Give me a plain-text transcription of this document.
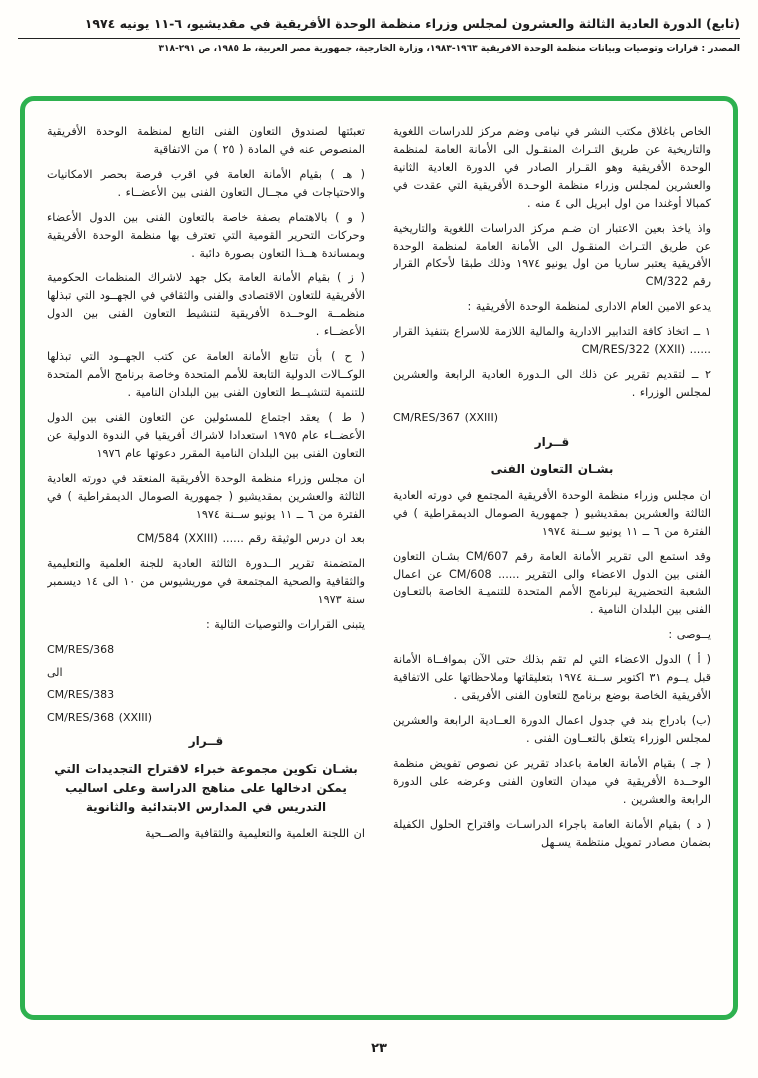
(تابع) الدورة العادية الثالثة والعشرون لمجلس وزراء منظمة الوحدة الأفريقية في مقديشيو، ٦-١١ يونيه ١٩٧٤
المصدر : قرارات وتوصيات وبيانات منظمة الوحدة الأفريقية ١٩٦٣-١٩٨٣، وزارة الخارجية، جمهورية مصر العربية، ط ١٩٨٥، ص ٢٩١-٣١٨

الخاص باغلاق مكتب النشر في نيامى وضم مركز للدراسات اللغوية والتاريخية عن طريق التـراث المنقـول الى الأمانة العامة لمنظمة الوحدة الأفريقية وهو القـرار الصادر في الدورة العادية الثانية والعشرين لمجلس وزراء منظمة الوحـدة الأفريقية التي عقدت في كمبالا أوغندا من اول ابريل الى ٤ منه .

واذ ياخذ بعين الاعتبار ان ضـم مركز الدراسات اللغوية والتاريخية عن طريق التـراث المنقـول الى الأمانة العامة لمنظمة الوحدة الأفريقية يعتبر ساريا من اول يونيو ١٩٧٤ وذلك طبقا لأحكام القرار رقم CM/322

يدعو الامين العام الادارى لمنظمة الوحدة الأفريقية :

١ ــ اتخاذ كافة التدابير الادارية والمالية اللازمة للاسراع بتنفيذ القرار ...... CM/RES/322 (XXII)

٢ ــ لتقديم تقرير عن ذلك الى الـدورة العادية الرابعة والعشرين لمجلس الوزراء .

CM/RES/367 (XXIII)

قــرار

بشـان التعاون الفنى

ان مجلس وزراء منظمة الوحدة الأفريقية المجتمع في دورته العادية الثالثة والعشرين بمقديشيو ( جمهورية الصومال الديمقراطية ) في الفترة من ٦ ــ ١١ يونيو ســنة ١٩٧٤

وقد استمع الى تقرير الأمانة العامة رقم CM/607 بشـان التعاون الفنى بين الدول الاعضاء والى التقرير ...... CM/608 عن اعمال الشعبة التحضيرية لبرنامج الأمم المتحدة للتنميـة الخاصة بالتعـاون الفنى بين البلدان النامية .

يــوصى :

( أ ) الدول الاعضاء التي لم تقم بذلك حتى الآن بموافــاة الأمانة قبل يــوم ٣١ اكتوبر ســنة ١٩٧٤ بتعليقاتها وملاحظاتها على الاتفاقية الأفريقية الخاصة بوضع برنامج للتعاون الفنى الأفريقى .

(ب) بادراج بند في جدول اعمال الدورة العــادية الرابعة والعشرين لمجلس الوزراء يتعلق بالتعــاون الفنى .

( جـ ) بقيام الأمانة العامة باعداد تقرير عن نصوص تفويض منظمة الوحــدة الأفريقية في ميدان التعاون الفنى وعرضه على الدورة الرابعة والعشرين .

( د ) بقيام الأمانة العامة باجراء الدراسـات واقتراح الحلول الكفيلة بضمان مصادر تمويل منتظمة يسـهل

تعبئتها لصندوق التعاون الفنى التابع لمنظمة الوحدة الأفريقية المنصوص عنه في المادة ( ٢٥ ) من الاتفاقية

( هـ ) بقيام الأمانة العامة في اقرب فرصة بحصر الامكانيات والاحتياجات في مجــال التعاون الفنى بين الأعضــاء .

( و ) بالاهتمام بصفة خاصة بالتعاون الفنى بين الدول الأعضاء وحركات التحرير القومية التي تعترف بها منظمة الوحدة الأفريقية وبمساندة هــذا التعاون بصورة دائبة .

( ز ) بقيام الأمانة العامة بكل جهد لاشراك المنظمات الحكومية الأفريقية للتعاون الاقتصادى والفنى والثقافي في الجهــود التي تبذلها منظمــة الوحــدة الأفريقية لتنشيط التعاون الفنى بين الدول الأعضــاء .

( ح ) بأن تتابع الأمانة العامة عن كتب الجهــود التي تبذلها الوكــالات الدولية التابعة للأمم المتحدة وخاصة برنامج الأمم المتحدة للتنمية لتنشيــط التعاون الفنى بين البلدان النامية .

( ط ) يعقد اجتماع للمسئولين عن التعاون الفنى بين الدول الأعضــاء عام ١٩٧٥ استعدادا لاشراك أفريقيا في الندوة الدولية عن التعاون الفنى بين البلدان النامية المقرر دعوتها عام ١٩٧٦

ان مجلس وزراء منظمة الوحدة الأفريقية المنعقد في دورته العادية الثالثة والعشرين بمقديشيو ( جمهورية الصومال الديمقراطية ) في الفترة من ٦ ــ ١١ يونيو ســنة ١٩٧٤

بعد ان درس الوثيقة رقم ...... CM/584 (XXIII)

المتضمنة تقرير الــدورة الثالثة العادية للجنة العلمية والتعليمية والثقافية والصحية المجتمعة في موريشيوس من ١٠ الى ١٤ ديسمبر سنة ١٩٧٣

يتبنى القرارات والتوصيات التالية :

CM/RES/368

الى

CM/RES/383

CM/RES/368 (XXIII)

قــرار

بشـان تكوين مجموعة خبراء لاقتراح التجديدات التي يمكن ادخالها على مناهج الدراسة وعلى اساليب التدريس في المدارس الابتدائية والثانوية

ان اللجنة العلمية والتعليمية والثقافية والصــحية

٢٣
